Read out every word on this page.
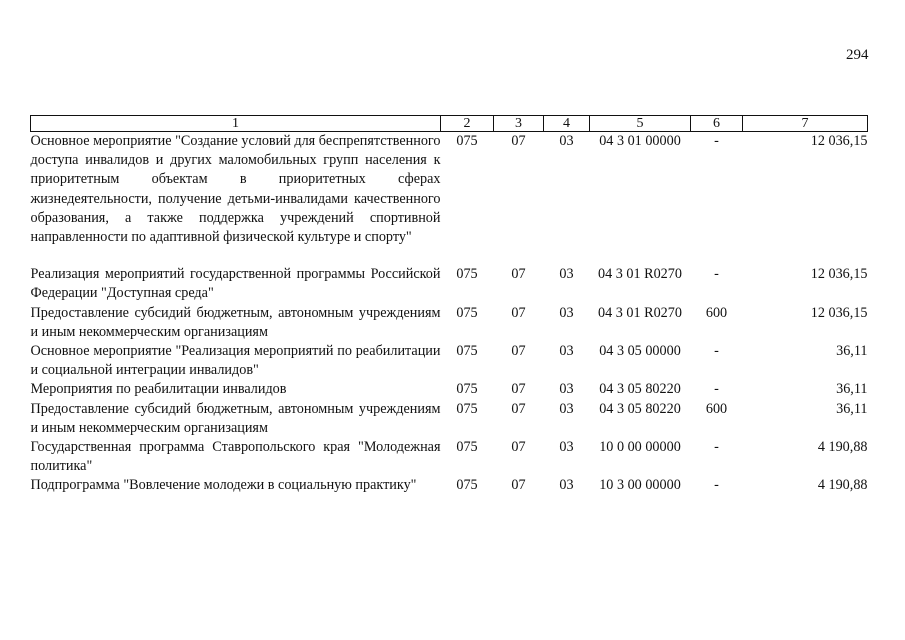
294
1	2	3	4	5	6	7
Основное мероприятие "Создание условий для беспрепятственного доступа инвалидов и других маломобильных групп населения к приоритетным объектам в приоритетных сферах жизнедеятельности, получение детьми-инвалидами качественного образования, а также поддержка учреждений спортивной направленности по адаптивной физической культуре и спорту"	075	07	03	04 3 01 00000	-	12 036,15
Реализация мероприятий государственной программы Российской Федерации "Доступная среда"	075	07	03	04 3 01 R0270	-	12 036,15
Предоставление субсидий бюджетным, автономным учреждениям и иным некоммерческим организациям	075	07	03	04 3 01 R0270	600	12 036,15
Основное мероприятие "Реализация мероприятий по реабилитации и социальной интеграции инвалидов"	075	07	03	04 3 05 00000	-	36,11
Мероприятия по реабилитации инвалидов	075	07	03	04 3 05 80220	-	36,11
Предоставление субсидий бюджетным, автономным учреждениям и иным некоммерческим организациям	075	07	03	04 3 05 80220	600	36,11
Государственная программа Ставропольского края "Молодежная политика"	075	07	03	10 0 00 00000	-	4 190,88
Подпрограмма "Вовлечение молодежи в социальную практику"	075	07	03	10 3 00 00000	-	4 190,88
